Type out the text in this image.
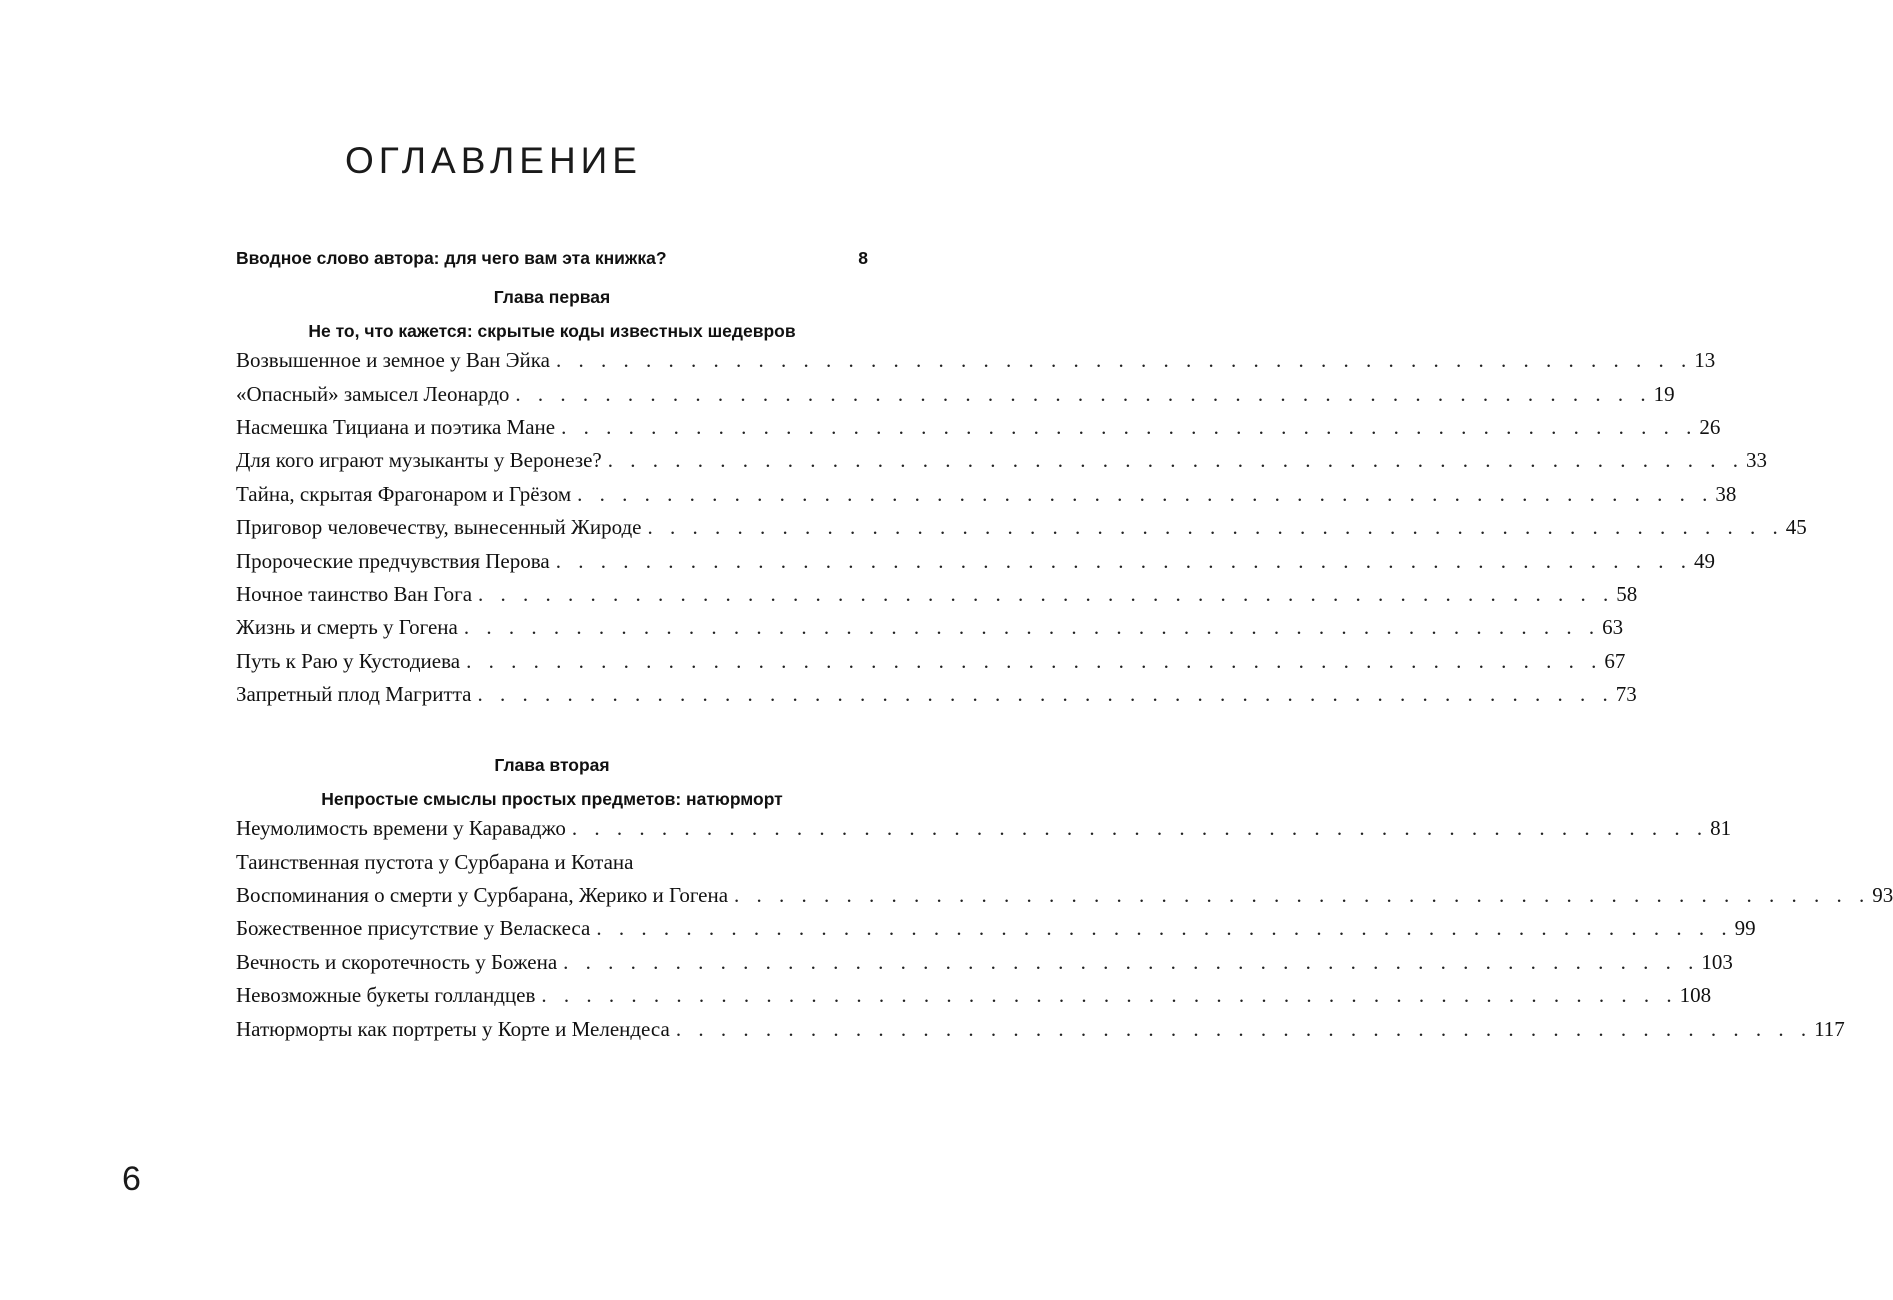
ОГЛАВЛЕНИЕ
Вводное слово автора: для чего вам эта книжка?	8
Глава первая
Не то, что кажется: скрытые коды известных шедевров
Возвышенное и земное у Ван Эйка . . . . . . . . . . . . . . . . . . . . . . . . . . . . . . . . . . . . . . . . . . . . . . . . . . . 13
«Опасный» замысел Леонардо . . . . . . . . . . . . . . . . . . . . . . . . . . . . . . . . . . . . . . . . . . . . . . . . . . . 19
Насмешка Тициана и поэтика Мане . . . . . . . . . . . . . . . . . . . . . . . . . . . . . . . . . . . . . . . . . . . . . . . . . . . 26
Для кого играют музыканты у Веронезе? . . . . . . . . . . . . . . . . . . . . . . . . . . . . . . . . . . . . . . . . . . . . . . . . . . . 33
Тайна, скрытая Фрагонаром и Грёзом . . . . . . . . . . . . . . . . . . . . . . . . . . . . . . . . . . . . . . . . . . . . . . . . . . . 38
Приговор человечеству, вынесенный Жироде . . . . . . . . . . . . . . . . . . . . . . . . . . . . . . . . . . . . . . . . . . . . . . . . . . . 45
Пророческие предчувствия Перова . . . . . . . . . . . . . . . . . . . . . . . . . . . . . . . . . . . . . . . . . . . . . . . . . . . 49
Ночное таинство Ван Гога . . . . . . . . . . . . . . . . . . . . . . . . . . . . . . . . . . . . . . . . . . . . . . . . . . . 58
Жизнь и смерть у Гогена . . . . . . . . . . . . . . . . . . . . . . . . . . . . . . . . . . . . . . . . . . . . . . . . . . . 63
Путь к Раю у Кустодиева . . . . . . . . . . . . . . . . . . . . . . . . . . . . . . . . . . . . . . . . . . . . . . . . . . . 67
Запретный плод Магритта . . . . . . . . . . . . . . . . . . . . . . . . . . . . . . . . . . . . . . . . . . . . . . . . . . . 73
Глава вторая
Непростые смыслы простых предметов: натюрморт
Неумолимость времени у Караваджо . . . . . . . . . . . . . . . . . . . . . . . . . . . . . . . . . . . . . . . . . . . . . . . . . . . 81
Таинственная пустота у Сурбарана и Котана
Воспоминания о смерти у Сурбарана, Жерико и Гогена . . . . . . . . . . . . . . . . . . . . . . . . . . . . . . . . . . . . . . . . . . . . . . . . . . . 93
Божественное присутствие у Веласкеса . . . . . . . . . . . . . . . . . . . . . . . . . . . . . . . . . . . . . . . . . . . . . . . . . . . 99
Вечность и скоротечность у Божена . . . . . . . . . . . . . . . . . . . . . . . . . . . . . . . . . . . . . . . . . . . . . . . . . . . 103
Невозможные букеты голландцев . . . . . . . . . . . . . . . . . . . . . . . . . . . . . . . . . . . . . . . . . . . . . . . . . . . 108
Натюрморты как портреты у Корте и Мелендеса . . . . . . . . . . . . . . . . . . . . . . . . . . . . . . . . . . . . . . . . . . . . . . . . . . . 117
6
